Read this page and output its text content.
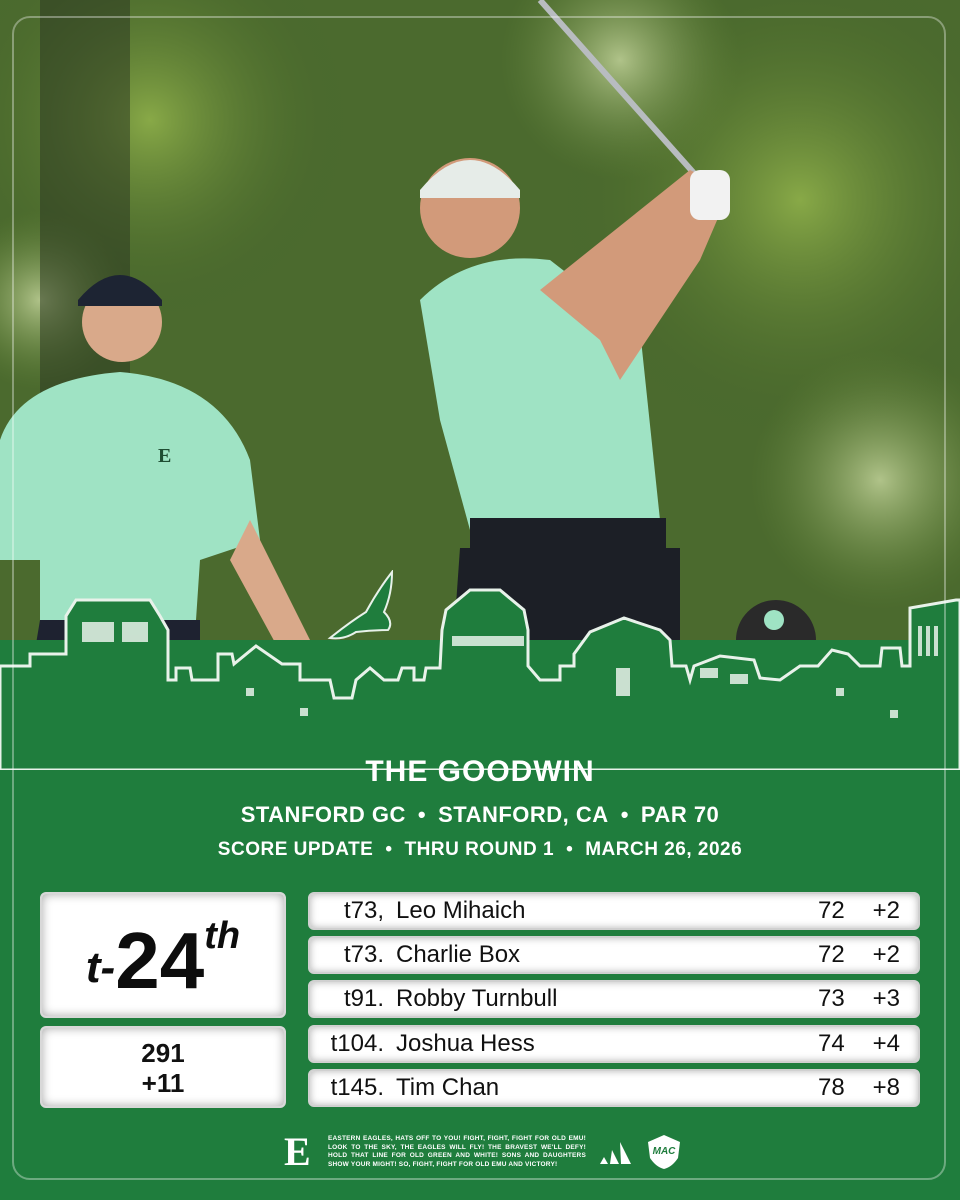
E
THE GOODWIN
STANFORD GC • STANFORD, CA • PAR 70
SCORE UPDATE • THRU ROUND 1 • MARCH 26, 2026
t- 24 th
291
+11
t73, Leo Mihaich	72 +2
t73. Charlie Box	72 +2
t91. Robby Turnbull	73 +3
t104. Joshua Hess	74 +4
t145. Tim Chan	78 +8
E	EASTERN EAGLES, HATS OFF TO YOU! FIGHT, FIGHT, FIGHT FOR OLD EMU! LOOK TO THE SKY, THE EAGLES WILL FLY! THE BRAVEST WE'LL DEFY! HOLD THAT LINE FOR OLD GREEN AND WHITE! SONS AND DAUGHTERS SHOW YOUR MIGHT! SO, FIGHT, FIGHT FOR OLD EMU AND VICTORY!
MAC
